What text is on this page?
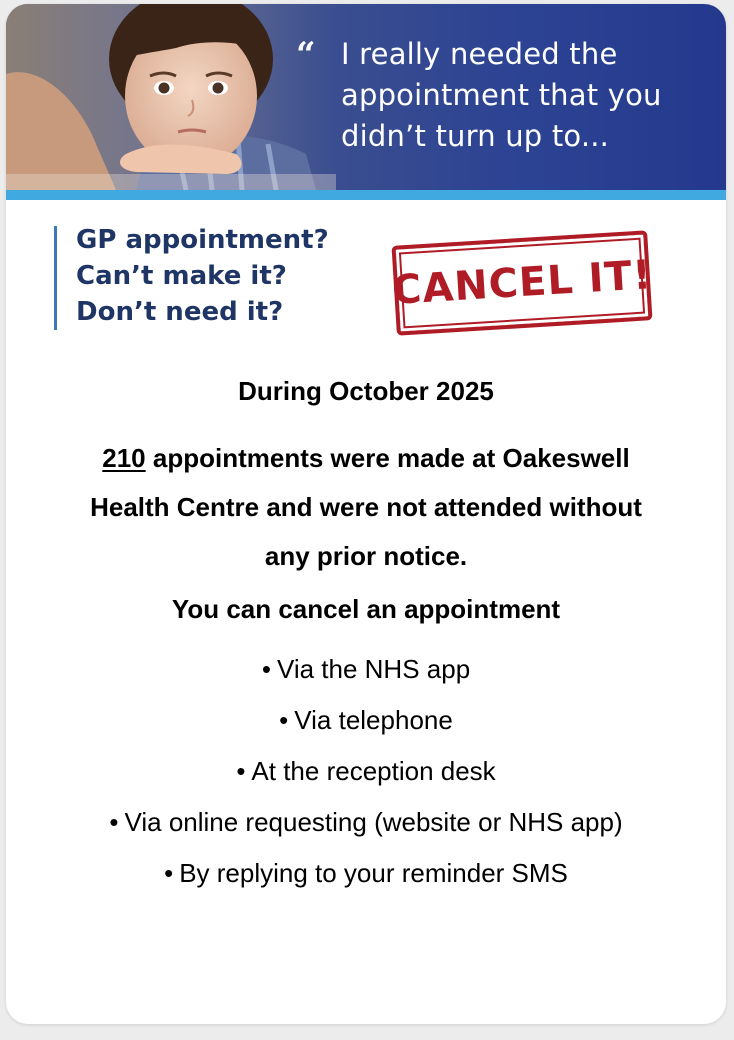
“ I really needed the
appointment that you
didn’t turn up to...
GP appointment?
Can’t make it?
Don’t need it?	CANCEL IT!
During October 2025
210 appointments were made at Oakeswell
Health Centre and were not attended without
any prior notice.
You can cancel an appointment
• Via the NHS app
• Via telephone
• At the reception desk
• Via online requesting (website or NHS app)
• By replying to your reminder SMS
